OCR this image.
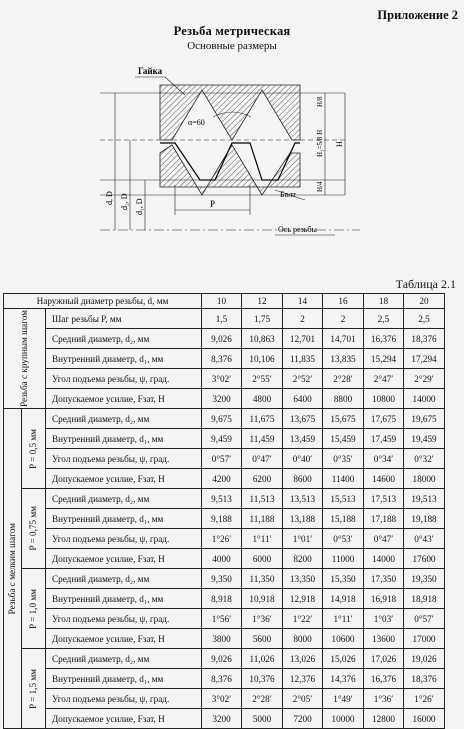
Приложение 2
Резьба метрическая
Основные размеры
Гайка
Болт
Ось резьбы
α=60
P
H₁=5/8 H H
H/8
H/4
d, D d₂, D d₁, D
Таблица 2.1
Наружный диаметр резьбы, d, мм			10	12	14	16	18	20

Резьба с крупным шагом		Шаг резьбы P, мм	1,5	1,75	2	2	2,5	2,5
		Средний диаметр, d₂, мм	9,026	10,863	12,701	14,701	16,376	18,376
		Внутренний диаметр, d₁, мм	8,376	10,106	11,835	13,835	15,294	17,294
		Угол подъема резьбы, ψ, град.	3°02′	2°55′	2°52′	2°28′	2°47′	2°29′
		Допускаемое усилие, Fзат, Н	3200	4800	6400	8800	10800	14000

Резьба с мелким шагом	P = 0,5 мм	Средний диаметр, d₂, мм	9,675	11,675	13,675	15,675	17,675	19,675
		Внутренний диаметр, d₁, мм	9,459	11,459	13,459	15,459	17,459	19,459
		Угол подъема резьбы, ψ, град.	0°57′	0°47′	0°40′	0°35′	0°34′	0°32′
		Допускаемое усилие, Fзат, Н	4200	6200	8600	11400	14600	18000

	P = 0,75 мм	Средний диаметр, d₂, мм	9,513	11,513	13,513	15,513	17,513	19,513
		Внутренний диаметр, d₁, мм	9,188	11,188	13,188	15,188	17,188	19,188
		Угол подъема резьбы, ψ, град.	1°26′	1°11′	1°01′	0°53′	0°47′	0°43′
		Допускаемое усилие, Fзат, Н	4000	6000	8200	11000	14000	17600

	P = 1,0 мм	Средний диаметр, d₂, мм	9,350	11,350	13,350	15,350	17,350	19,350
		Внутренний диаметр, d₁, мм	8,918	10,918	12,918	14,918	16,918	18,918
		Угол подъема резьбы, ψ, град.	1°56′	1°36′	1°22′	1°11′	1°03′	0°57′
		Допускаемое усилие, Fзат, Н	3800	5600	8000	10600	13600	17000

	P = 1,5 мм	Средний диаметр, d₂, мм	9,026	11,026	13,026	15,026	17,026	19,026
		Внутренний диаметр, d₁, мм	8,376	10,376	12,376	14,376	16,376	18,376
		Угол подъема резьбы, ψ, град.	3°02′	2°28′	2°05′	1°49′	1°36′	1°26′
		Допускаемое усилие, Fзат, Н	3200	5000	7200	10000	12800	16000
